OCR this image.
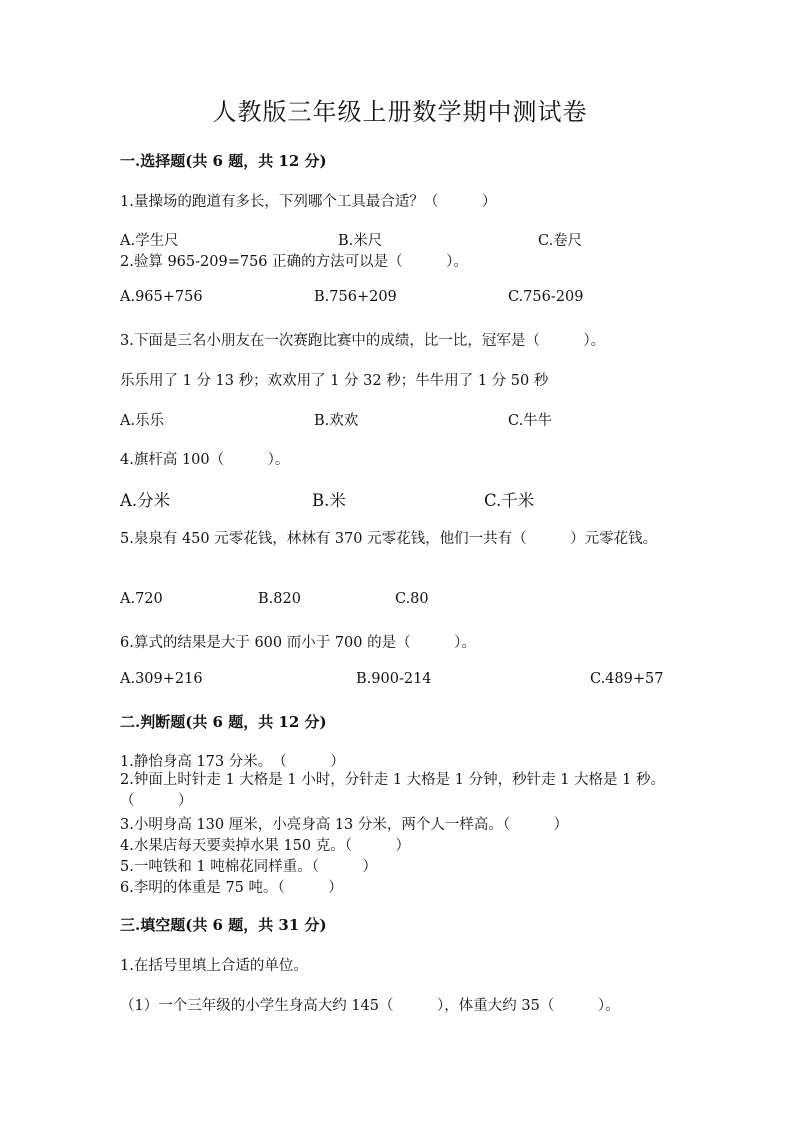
人教版三年级上册数学期中测试卷
一.选择题(共 6 题，共 12 分)
1.量操场的跑道有多长，下列哪个工具最合适？（　　　）
A.学生尺	B.米尺	C.卷尺
2.验算 965-209=756 正确的方法可以是（　　　）。
A.965+756	B.756+209	C.756-209
3.下面是三名小朋友在一次赛跑比赛中的成绩，比一比，冠军是（　　　）。
乐乐用了 1 分 13 秒；欢欢用了 1 分 32 秒；牛牛用了 1 分 50 秒
A.乐乐	B.欢欢	C.牛牛
4.旗杆高 100（　　　）。
A.分米	B.米	C.千米
5.泉泉有 450 元零花钱，林林有 370 元零花钱，他们一共有（　　　）元零花钱。
A.720	B.820	C.80
6.算式的结果是大于 600 而小于 700 的是（　　　）。
A.309+216	B.900-214	C.489+57
二.判断题(共 6 题，共 12 分)
1.静怡身高 173 分米。　（　　　）
2.钟面上时针走 1 大格是 1 小时，分针走 1 大格是 1 分钟，秒针走 1 大格是 1 秒。（　　　）
3.小明身高 130 厘米，小亮身高 13 分米，两个人一样高。（　　　）
4.水果店每天要卖掉水果 150 克。（　　　）
5.一吨铁和 1 吨棉花同样重。（　　　）
6.李明的体重是 75 吨。（　　　）
三.填空题(共 6 题，共 31 分)
1.在括号里填上合适的单位。
（1）一个三年级的小学生身高大约 145（　　　），体重大约 35（　　　）。
